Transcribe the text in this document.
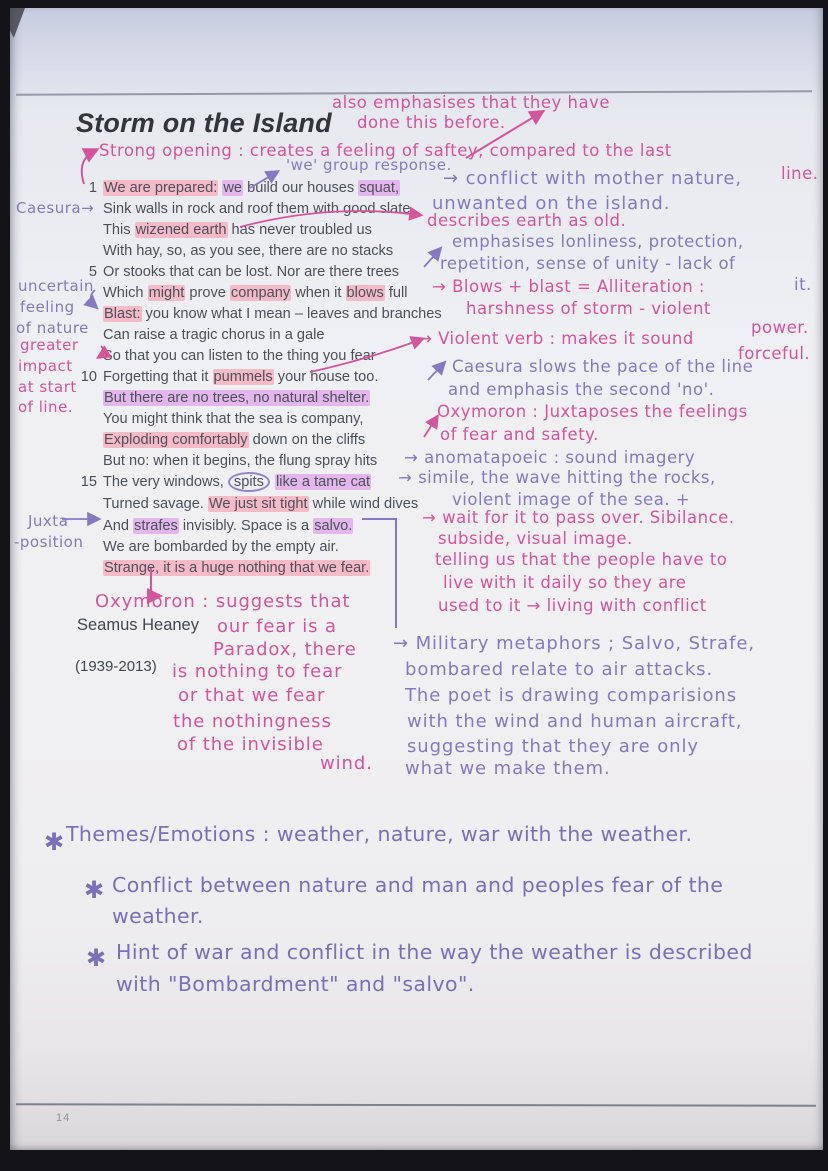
Storm on the Island
1 We are prepared: we build our houses squat,
Sink walls in rock and roof them with good slate.
This wizened earth has never troubled us
With hay, so, as you see, there are no stacks
5 Or stooks that can be lost. Nor are there trees
Which might prove company when it blows full
Blast: you know what I mean – leaves and branches
Can raise a tragic chorus in a gale
So that you can listen to the thing you fear
10 Forgetting that it pummels your house too.
But there are no trees, no natural shelter.
You might think that the sea is company,
Exploding comfortably down on the cliffs
But no: when it begins, the flung spray hits
15 The very windows, spits like a tame cat
Turned savage. We just sit tight while wind dives
And strafes invisibly. Space is a salvo.
We are bombarded by the empty air.
Strange, it is a huge nothing that we fear.
Seamus Heaney
(1939-2013)
also emphasises that they have
done this before.
Strong opening : creates a feeling of saftey, compared to the last
line.
describes earth as old.
→ Blows + blast = Alliteration :
harshness of storm - violent
power.
→ Violent verb : makes it sound
forceful.
greater
impact
at start
of line.	Oxymoron : Juxtaposes the feelings
of fear and safety.
→ wait for it to pass over. Sibilance.
subside, visual image.
telling us that the people have to
live with it daily so they are
used to it → living with conflict
Oxymoron : suggests that
our fear is a
Paradox, there
is nothing to fear
or that we fear
the nothingness
of the invisible
wind.
'we' group response.
→ conflict with mother nature,
unwanted on the island.
Caesura→
emphasises lonliness, protection,
repetition, sense of unity - lack of
it.
uncertain
feeling
of nature
Caesura slows the pace of the line
and emphasis the second 'no'.
→ anomatapoeic : sound imagery
→ simile, the wave hitting the rocks,
violent image of the sea. +
Juxta
-position
→ Military metaphors ; Salvo, Strafe,
bombared relate to air attacks.
The poet is drawing comparisions
with the wind and human aircraft,
suggesting that they are only
what we make them.
✱ Themes/Emotions : weather, nature, war with the weather.
✱ Conflict between nature and man and peoples fear of the
weather.
✱ Hint of war and conflict in the way the weather is described
with "Bombardment" and "salvo".
14
